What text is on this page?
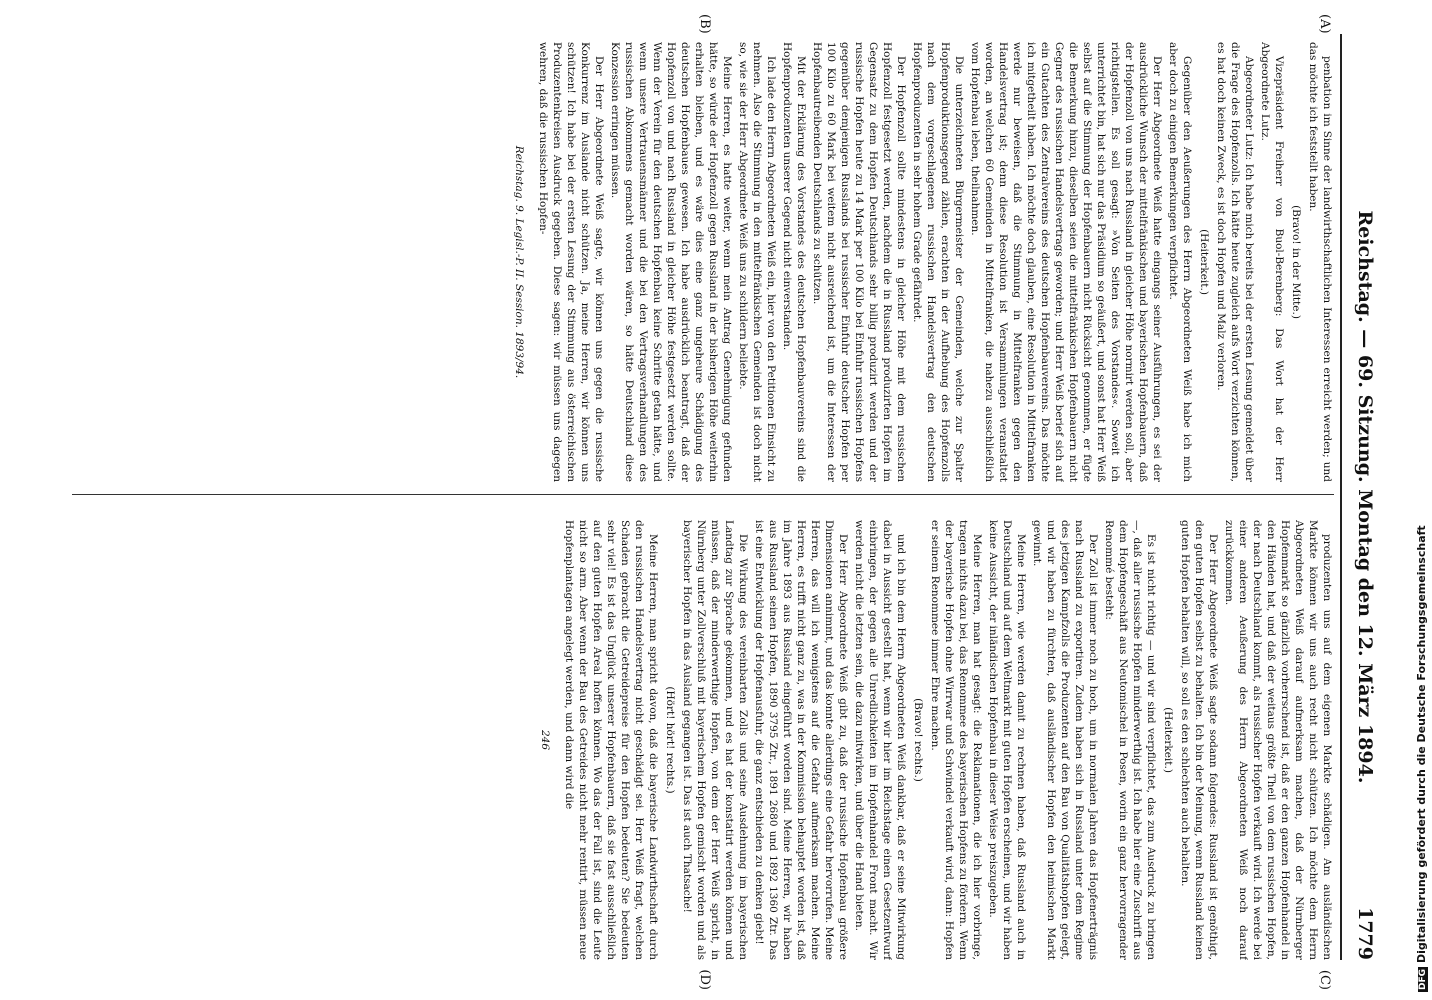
Reichstag. — 69. Sitzung. Montag den 12. März 1894.
1779
(A)
(B)
(C)
(D)

penbation im Sinne der landwirthschaftlichen Interessen erreicht werden; und das möchte ich feststellt haben.

(Bravo! in der Mitte.)

Vizepräsident Freiherr von Buol-Berenberg: Das Wort hat der Herr Abgeordnete Lutz.

Abgeordneter Lutz: Ich habe mich bereits bei der ersten Lesung gemeldet über die Frage des Hopfenzolls. Ich hätte heute zugleich aufs Wort verzichten können, es hat doch keinen Zweck, es ist doch Hopfen und Malz verloren.

(Heiterkeit.)

Gegenüber den Aeußerungen des Herrn Abgeordneten Weiß habe ich mich aber doch zu einigen Bemerkungen verpflichtet.

Der Herr Abgeordnete Weiß hatte eingangs seiner Ausführungen, es sei der ausdrückliche Wunsch der mittelfränkischen und bayerischen Hopfenbauern, daß der Hopfenzoll von uns nach Russland in gleicher Höhe normirt werden soll, aber richtigstellen. Es soll gesagt: »Von Seiten des Vorstandes«. Soweit ich unterrichtet bin, hat sich nur das Präsidium so geäußert, und sonst hat Herr Weiß selbst auf die Stimmung der Hopfenbauern nicht Rücksicht genommen, er fügte die Bemerkung hinzu, dieselben seien die mittelfränkischen Hopfenbauern nicht Gegner des russischen Handelsvertrags geworden; und Herr Weiß berief sich auf ein Gutachten des Zentralvereins des deutschen Hopfenbauvereins. Das möchte ich mitgetheilt haben. Ich möchte doch glauben, eine Resolution in Mittelfranken werde nur beweisen, daß die Stimmung in Mittelfranken gegen den Handelsvertrag ist; denn diese Resolution ist Versammlungen veranstaltet worden, an welchen 60 Gemeinden in Mittelfranken, die nahezu ausschließlich vom Hopfenbau leben, theilnahmen.

Die unterzeichneten Bürgermeister der Gemeinden, welche zur Spalter Hopfenproduktionsgegend zählen, erachten in der Aufhebung des Hopfenzolls nach dem vorgeschlagenen russischen Handelsvertrag den deutschen Hopfenproduzenten in sehr hohem Grade gefährdet.

Der Hopfenzoll sollte mindestens in gleicher Höhe mit dem russischen Hopfenzoll festgesetzt werden, nachdem die in Russland produzirten Hopfen im Gegensatz zu dem Hopfen Deutschlands sehr billig produzirt werden und der russische Hopfen heute zu 14 Mark per 100 Kilo bei Einfuhr russischen Hopfens gegenüber demjenigen Russlands bei russischer Einfuhr deutscher Hopfen per 100 Kilo zu 60 Mark bei weitem nicht ausreichend ist, um die Interessen der Hopfenbautreibenden Deutschlands zu schützen.

Mit der Erklärung des Vorstandes des deutschen Hopfenbauvereins sind die Hopfenproduzenten unserer Gegend nicht einverstanden.

Ich lade den Herrn Abgeordneten Weiß ein, hier von den Petitionen Einsicht zu nehmen. Also die Stimmung in den mittelfränkischen Gemeinden ist doch nicht so, wie sie der Herr Abgeordnete Weiß uns zu schildern beliebte.

Meine Herren, es hatte weiter, wenn mein Antrag Genehmigung gefunden hätte, so würde der Hopfenzoll gegen Russland in der bisherigen Höhe weiterhin erhalten bleiben, und es wäre dies eine ganz ungeheure Schädigung des deutschen Hopfenbaues gewesen. Ich habe ausdrücklich beantragt, daß der Hopfenzoll von und nach Russland in gleicher Höhe festgesetzt werden sollte. Wenn der Verein für den deutschen Hopfenbau keine Schritte getan hätte, und wenn unsere Vertrauensmänner und die bei den Vertragsverhandlungen des russischen Abkommens gemacht worden wären, so hätte Deutschland diese Konzession erringen müssen.

Der Herr Abgeordnete Weiß sagte, wir können uns gegen die russische Konkurrenz im Auslande nicht schützen. Ja, meine Herren, wir können uns schützen! Ich habe bei der ersten Lesung der Stimmung aus österreichischen Produzentenkreisen Ausdruck gegeben. Diese sagen: wir müssen uns dagegen wehren, daß die russischen Hopfen-

Reichstag. 9. Legisl.-P. II. Session. 1893/94.

produzenten uns auf dem eigenen Markte schädigen. Am ausländischen Markte können wir uns auch recht nicht schützen. Ich möchte dem Herrn Abgeordneten Weiß darauf aufmerksam machen, daß der Nürnberger Hopfenmarkt so gänzlich vorherrschend ist, daß er den ganzen Hopfenhandel in den Händen hat, und daß der weitaus größte Theil von dem russischen Hopfen, der nach Deutschland kommt, als russischer Hopfen verkauft wird. Ich werde bei einer anderen Aeußerung des Herrn Abgeordneten Weiß noch darauf zurückkommen.

Der Herr Abgeordnete Weiß sagte sodann folgendes: Russland ist genöthigt, den guten Hopfen selbst zu behalten. Ich bin der Meinung, wenn Russland keinen guten Hopfen behalten will, so soll es den schlechten auch behalten.

(Heiterkeit.)

Es ist nicht richtig — und wir sind verpflichtet, das zum Ausdruck zu bringen —, daß aller russische Hopfen minderwerthig ist. Ich habe hier eine Zuschrift aus dem Hopfengeschäft aus Neutomischel in Posen, worin ein ganz hervorragender Renommé besteht:

Der Zoll ist immer noch zu hoch, um in normalen Jahren das Hopfenerträgnis nach Russland zu exportiren. Zudem haben sich in Russland unter dem Regime des jetzigen Kampfzolls die Produzenten auf den Bau von Qualitätshopfen gelegt, und wir haben zu fürchten, daß ausländischer Hopfen den heimischen Markt gewinnt.

Meine Herren, wie werden damit zu rechnen haben, daß Russland auch in Deutschland und auf dem Weltmarkt mit guten Hopfen erscheinen, und wir haben keine Aussicht, der inländischen Hopfenbau in dieser Weise preiszugeben.

Meine Herren, man hat gesagt: die Reklamationen, die ich hier vorbringe, tragen nichts dazu bei, das Renommee des bayerischen Hopfens zu fördern. Wenn der bayerische Hopfen ohne Wirrwar und Schwindel verkauft wird, dann: Hopfen er seinem Renommee immer Ehre machen.

(Bravo! rechts.)

und ich bin dem Herrn Abgeordneten Weiß dankbar, daß er seine Mitwirkung dabei in Aussicht gestellt hat, wenn wir hier im Reichstage einen Gesetzentwurf einbringen, der gegen alle Unredlichkeiten im Hopfenhandel Front macht. Wir werden nicht die letzten sein, die dazu mitwirken, und über die Hand bieten.

Der Herr Abgeordnete Weiß gibt zu, daß der russische Hopfenbau größere Dimensionen annimmt, und das konnte allerdings eine Gefahr hervorrufen. Meine Herren, das will ich wenigstens auf die Gefahr aufmerksam machen. Meine Herren, es trifft nicht ganz zu, was in der Kommission behauptet worden ist, daß im Jahre 1893 aus Russland eingeführt worden sind. Meine Herren, wir haben aus Russland seinen Hopfen, 1890 3795 Ztr., 1891 2680 und 1892 1360 Ztr. Das ist eine Entwicklung der Hopfenausfuhr, die ganz entschieden zu denken giebt!

Die Wirkung des vereinbarten Zolls und seine Ausdehnung im bayerischen Landtag zur Sprache gekommen, und es hat der konstatirt werden können und müssen, daß der minderwerthige Hopfen, von dem der Herr Weiß spricht, in Nürnberg unter Zollverschluß mit bayerischem Hopfen gemischt worden und als bayerischer Hopfen in das Ausland gegangen ist. Das ist auch Thatsache!

(Hört! hört! rechts.)

Meine Herren, man spricht davon, daß die bayerische Landwirthschaft durch den russischen Handelsvertrag nicht geschädigt sei. Herr Weiß fragt, welchen Schaden gebracht die Getreidepreise für den Hopfen bedeuten? Sie bedeuten sehr viel! Es ist das Unglück unserer Hopfenbauern, daß sie fast ausschließlich auf den guten Hopfen Areal hoffen können. Wo das der Fall ist, sind die Leute nicht so arm. Aber wenn der Bau des Getreides nicht mehr rentirt, müssen neue Hopfenplantagen angelegt werden, und dann wird die

246

DFGDigitalisierung gefördert durch die Deutsche Forschungsgemeinschaft
